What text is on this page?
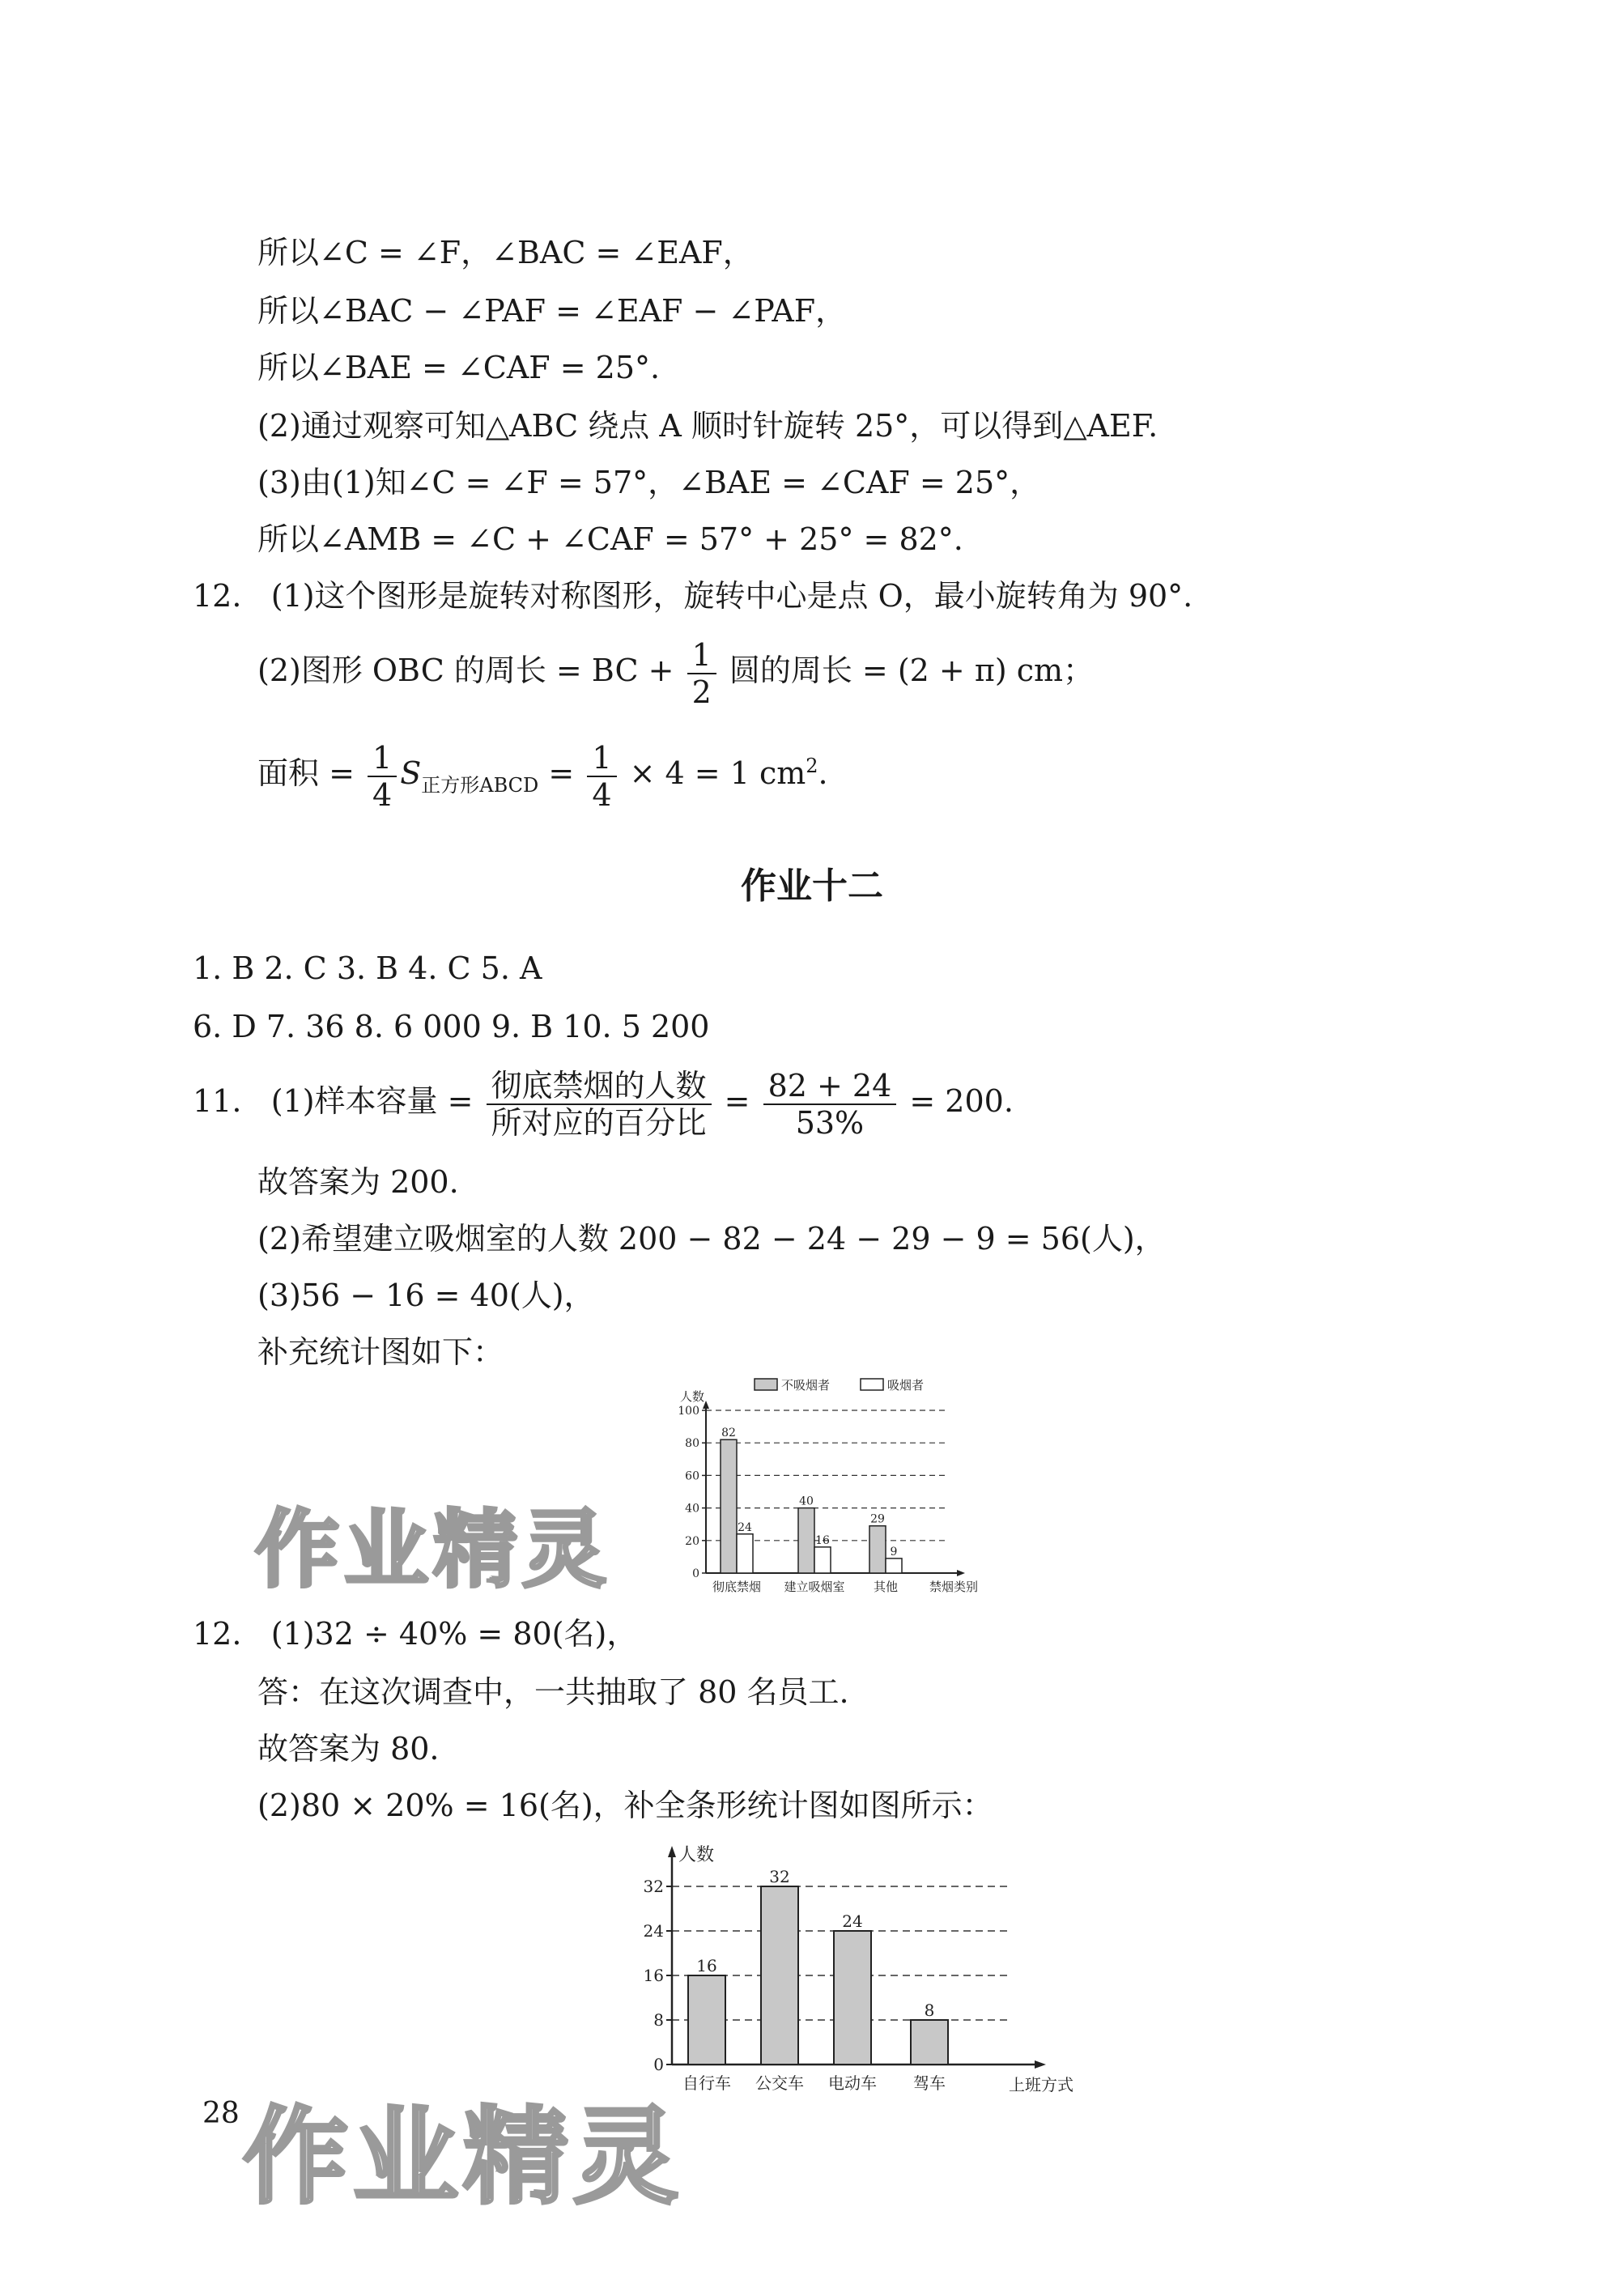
所以∠C = ∠F，∠BAC = ∠EAF，
所以∠BAC − ∠PAF = ∠EAF − ∠PAF，
所以∠BAE = ∠CAF = 25°.
(2)通过观察可知△ABC 绕点 A 顺时针旋转 25°，可以得到△AEF.
(3)由(1)知∠C = ∠F = 57°，∠BAE = ∠CAF = 25°，
所以∠AMB = ∠C + ∠CAF = 57° + 25° = 82°.
12. (1)这个图形是旋转对称图形，旋转中心是点 O，最小旋转角为 90°.
(2)图形 OBC 的周长 = BC + $\frac{1}{2}$ 圆的周长 = (2 + π) cm；
面积 = $\frac{1}{4} S_{正方形ABCD} = \frac{1}{4} \times 4 = 1$ $cm^2$.
作业十二
1. B 2. C 3. B 4. C 5. A
6. D 7. 36 8. 6 000 9. B 10. 5 200
11. (1)样本容量 = $\frac{\text{彻底禁烟的人数}}{\text{所对应的百分比}} = \frac{82 + 24}{53\%} = 200$.
故答案为 200.
(2)希望建立吸烟室的人数 200 − 82 − 24 − 29 − 9 = 56(人)，
(3)56 − 16 = 40(人)，
补充统计图如下：
不吸烟者	吸烟者
人数
0
20
40
60
80
100
82
24
彻底禁烟
40
16
建立吸烟室
29
9
其他	禁烟类别
12. (1)32 ÷ 40% = 80(名)，
答：在这次调查中，一共抽取了 80 名员工.
故答案为 80.
(2)80 × 20% = 16(名)，补全条形统计图如图所示：
人数
0
8
16
24
32
16
自行车
32
公交车
24
电动车
8
驾车	上班方式
28
作业精灵
作业精灵
